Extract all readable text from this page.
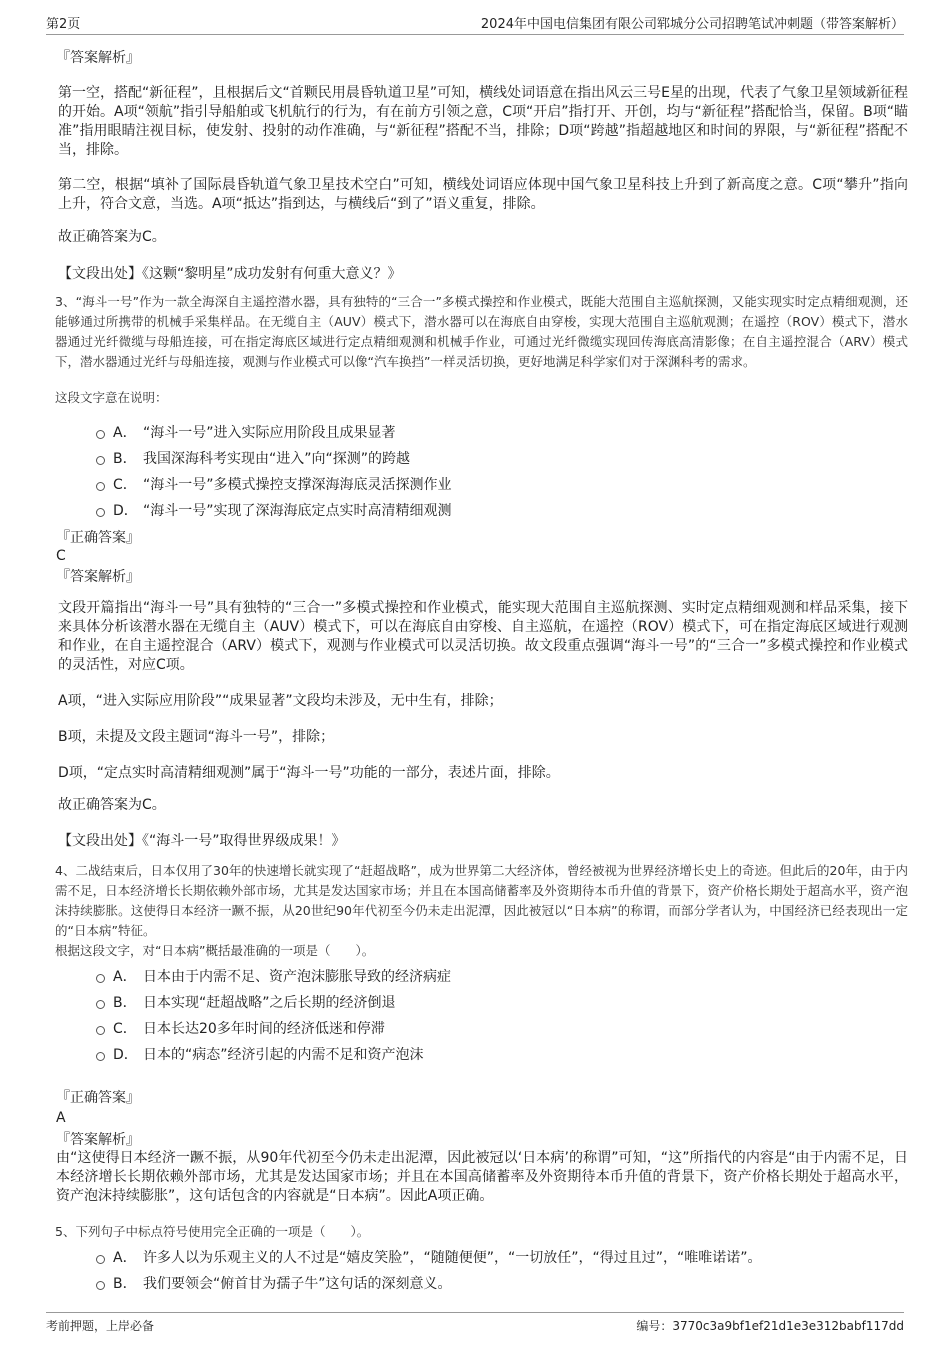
第2页	2024年中国电信集团有限公司郓城分公司招聘笔试冲刺题（带答案解析）
『答案解析』

第一空，搭配“新征程”，且根据后文“首颗民用晨昏轨道卫星”可知，横线处词语意在指出风云三号E星的出现，代表了气象卫星领域新征程的开始。A项“领航”指引导船舶或飞机航行的行为，有在前方引领之意，C项“开启”指打开、开创，均与“新征程”搭配恰当，保留。B项“瞄准”指用眼睛注视目标，使发射、投射的动作准确，与“新征程”搭配不当，排除；D项“跨越”指超越地区和时间的界限，与“新征程”搭配不当，排除。

第二空，根据“填补了国际晨昏轨道气象卫星技术空白”可知，横线处词语应体现中国气象卫星科技上升到了新高度之意。C项“攀升”指向上升，符合文意，当选。A项“抵达”指到达，与横线后“到了”语义重复，排除。

故正确答案为C。

【文段出处】《这颗“黎明星”成功发射有何重大意义？》

3、“海斗一号”作为一款全海深自主遥控潜水器，具有独特的“三合一”多模式操控和作业模式，既能大范围自主巡航探测，又能实现实时定点精细观测，还能够通过所携带的机械手采集样品。在无缆自主（AUV）模式下，潜水器可以在海底自由穿梭，实现大范围自主巡航观测；在遥控（ROV）模式下，潜水器通过光纤微缆与母船连接，可在指定海底区域进行定点精细观测和机械手作业，可通过光纤微缆实现回传海底高清影像；在自主遥控混合（ARV）模式下，潜水器通过光纤与母船连接，观测与作业模式可以像“汽车换挡”一样灵活切换，更好地满足科学家们对于深渊科考的需求。

这段文字意在说明：

A． “海斗一号”进入实际应用阶段且成果显著
B． 我国深海科考实现由“进入”向“探测”的跨越
C． “海斗一号”多模式操控支撑深海海底灵活探测作业
D． “海斗一号”实现了深海海底定点实时高清精细观测
『正确答案』
C
『答案解析』

文段开篇指出“海斗一号”具有独特的“三合一”多模式操控和作业模式，能实现大范围自主巡航探测、实时定点精细观测和样品采集，接下来具体分析该潜水器在无缆自主（AUV）模式下，可以在海底自由穿梭、自主巡航，在遥控（ROV）模式下，可在指定海底区域进行观测和作业，在自主遥控混合（ARV）模式下，观测与作业模式可以灵活切换。故文段重点强调“海斗一号”的“三合一”多模式操控和作业模式的灵活性，对应C项。

A项，“进入实际应用阶段”“成果显著”文段均未涉及，无中生有，排除；

B项，未提及文段主题词“海斗一号”，排除；

D项，“定点实时高清精细观测”属于“海斗一号”功能的一部分，表述片面，排除。

故正确答案为C。

【文段出处】《“海斗一号”取得世界级成果！》

4、二战结束后，日本仅用了30年的快速增长就实现了“赶超战略”，成为世界第二大经济体，曾经被视为世界经济增长史上的奇迹。但此后的20年，由于内需不足，日本经济增长长期依赖外部市场，尤其是发达国家市场；并且在本国高储蓄率及外资期待本币升值的背景下，资产价格长期处于超高水平，资产泡沫持续膨胀。这使得日本经济一蹶不振，从20世纪90年代初至今仍未走出泥潭，因此被冠以“日本病”的称谓，而部分学者认为，中国经济已经表现出一定的“日本病”特征。

根据这段文字，对“日本病”概括最准确的一项是（　　）。

A． 日本由于内需不足、资产泡沫膨胀导致的经济病症
B． 日本实现“赶超战略”之后长期的经济倒退
C． 日本长达20多年时间的经济低迷和停滞
D． 日本的“病态”经济引起的内需不足和资产泡沫
『正确答案』
A
『答案解析』

由“这使得日本经济一蹶不振，从90年代初至今仍未走出泥潭，因此被冠以‘日本病’的称谓”可知，“这”所指代的内容是“由于内需不足，日本经济增长长期依赖外部市场，尤其是发达国家市场；并且在本国高储蓄率及外资期待本币升值的背景下，资产价格长期处于超高水平，资产泡沫持续膨胀”，这句话包含的内容就是“日本病”。因此A项正确。

5、下列句子中标点符号使用完全正确的一项是（　　）。

A． 许多人以为乐观主义的人不过是“嬉皮笑脸”，“随随便便”，“一切放任”，“得过且过”，“唯唯诺诺”。
B． 我们要领会“俯首甘为孺子牛”这句话的深刻意义。
考前押题，上岸必备	编号：3770c3a9bf1ef21d1e3e312babf117dd
